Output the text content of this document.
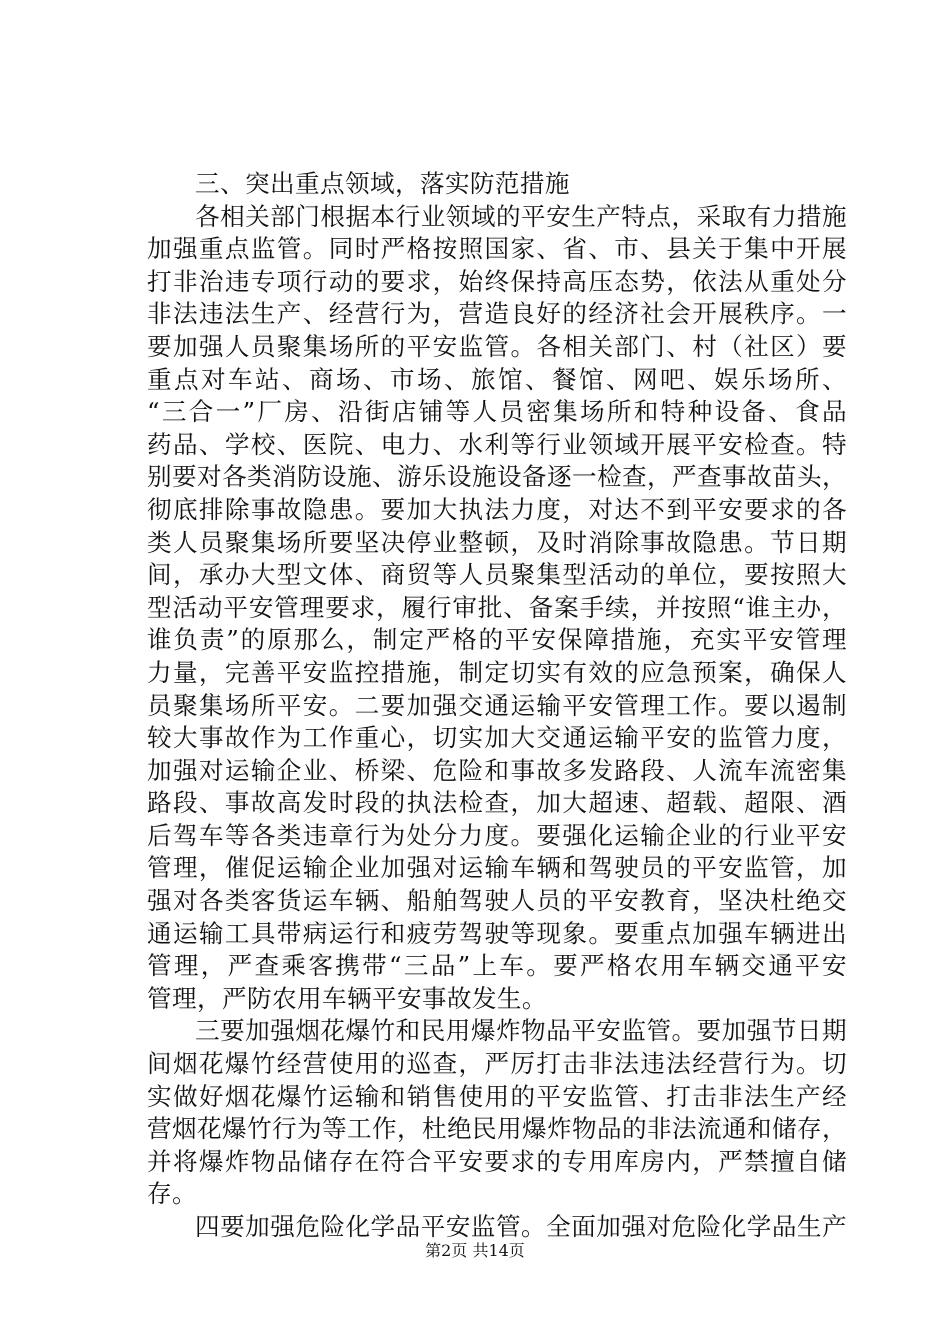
三、突出重点领域，落实防范措施
各相关部门根据本行业领域的平安生产特点，采取有力措施
加强重点监管。同时严格按照国家、省、市、县关于集中开展
打非治违专项行动的要求，始终保持高压态势，依法从重处分
非法违法生产、经营行为，营造良好的经济社会开展秩序。一
要加强人员聚集场所的平安监管。各相关部门、村（社区）要
重点对车站、商场、市场、旅馆、餐馆、网吧、娱乐场所、
“三合一”厂房、沿街店铺等人员密集场所和特种设备、食品
药品、学校、医院、电力、水利等行业领域开展平安检查。特
别要对各类消防设施、游乐设施设备逐一检查，严查事故苗头，
彻底排除事故隐患。要加大执法力度，对达不到平安要求的各
类人员聚集场所要坚决停业整顿，及时消除事故隐患。节日期
间，承办大型文体、商贸等人员聚集型活动的单位，要按照大
型活动平安管理要求，履行审批、备案手续，并按照“谁主办，
谁负责”的原那么，制定严格的平安保障措施，充实平安管理
力量，完善平安监控措施，制定切实有效的应急预案，确保人
员聚集场所平安。二要加强交通运输平安管理工作。要以遏制
较大事故作为工作重心，切实加大交通运输平安的监管力度，
加强对运输企业、桥梁、危险和事故多发路段、人流车流密集
路段、事故高发时段的执法检查，加大超速、超载、超限、酒
后驾车等各类违章行为处分力度。要强化运输企业的行业平安
管理，催促运输企业加强对运输车辆和驾驶员的平安监管，加
强对各类客货运车辆、船舶驾驶人员的平安教育，坚决杜绝交
通运输工具带病运行和疲劳驾驶等现象。要重点加强车辆进出
管理，严查乘客携带“三品”上车。要严格农用车辆交通平安
管理，严防农用车辆平安事故发生。
三要加强烟花爆竹和民用爆炸物品平安监管。要加强节日期
间烟花爆竹经营使用的巡查，严厉打击非法违法经营行为。切
实做好烟花爆竹运输和销售使用的平安监管、打击非法生产经
营烟花爆竹行为等工作，杜绝民用爆炸物品的非法流通和储存，
并将爆炸物品储存在符合平安要求的专用库房内，严禁擅自储
存。
四要加强危险化学品平安监管。全面加强对危险化学品生产
第2页 共14页
